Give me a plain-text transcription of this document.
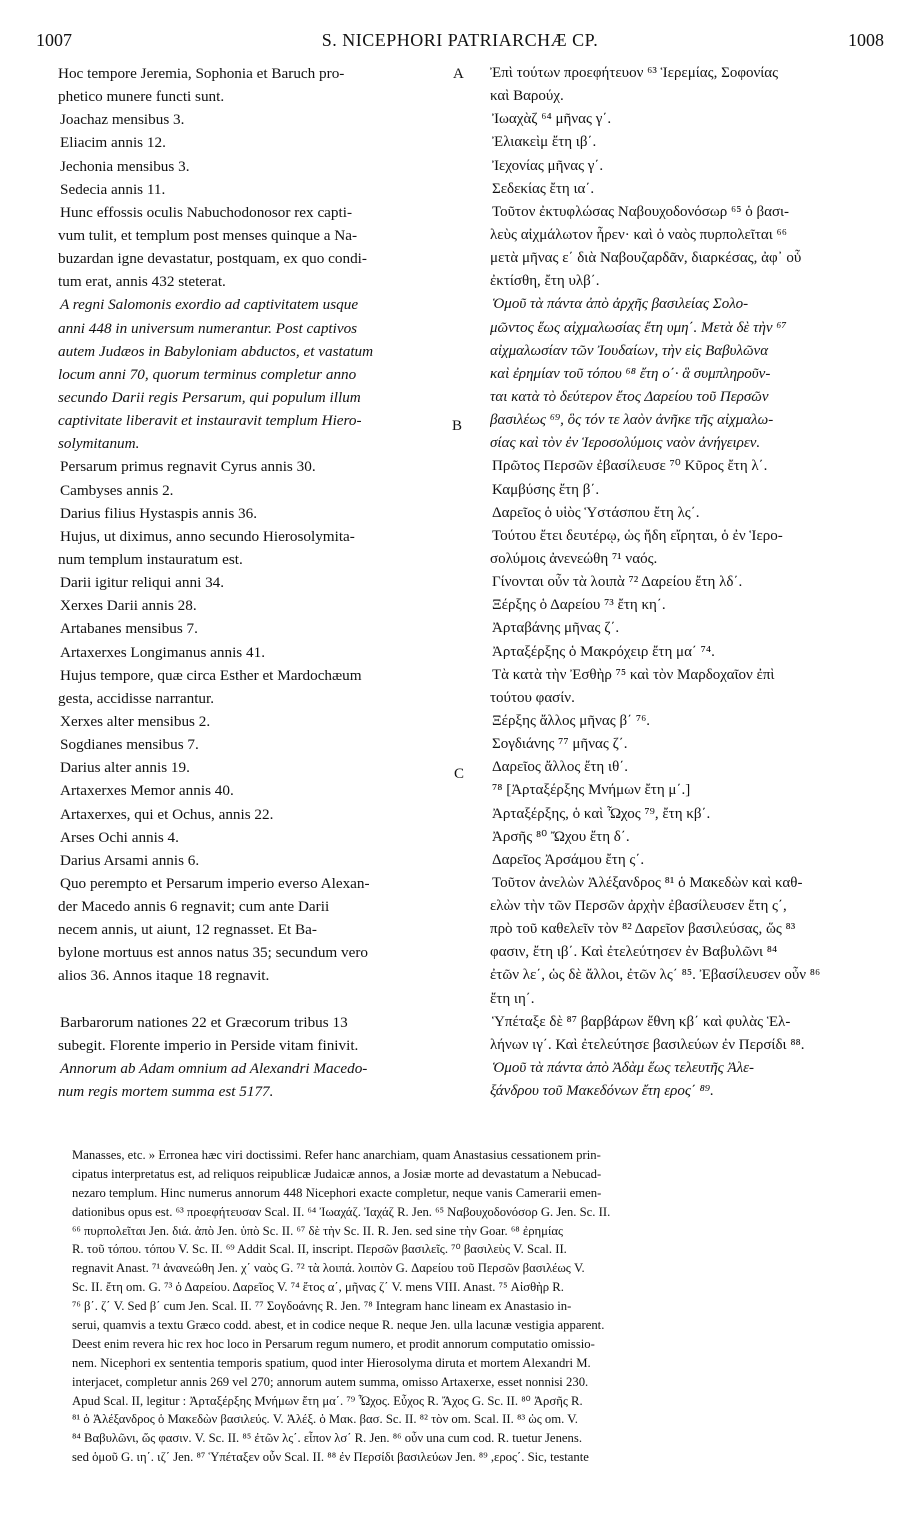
1007	S. NICEPHORI PATRIARCHÆ CP.	1008
Hoc tempore Jeremia, Sophonia et Baruch pro-
phetico munere functi sunt.
Joachaz mensibus 3.
Eliacim annis 12.
Jechonia mensibus 3.
Sedecia annis 11.
Hunc effossis oculis Nabuchodonosor rex capti-
vum tulit, et templum post menses quinque a Na-
buzardan igne devastatur, postquam, ex quo condi-
tum erat, annis 432 steterat.
A regni Salomonis exordio ad captivitatem usque
anni 448 in universum numerantur. Post captivos
autem Judæos in Babyloniam abductos, et vastatum
locum anni 70, quorum terminus completur anno
secundo Darii regis Persarum, qui populum illum
captivitate liberavit et instauravit templum Hiero-
solymitanum.
Persarum primus regnavit Cyrus annis 30.
Cambyses annis 2.
Darius filius Hystaspis annis 36.
Hujus, ut diximus, anno secundo Hierosolymita-
num templum instauratum est.
Darii igitur reliqui anni 34.
Xerxes Darii annis 28.
Artabanes mensibus 7.
Artaxerxes Longimanus annis 41.
Hujus tempore, quæ circa Esther et Mardochæum
gesta, accidisse narrantur.
Xerxes alter mensibus 2.
Sogdianes mensibus 7.
Darius alter annis 19.
Artaxerxes Memor annis 40.
Artaxerxes, qui et Ochus, annis 22.
Arses Ochi annis 4.
Darius Arsami annis 6.
Quo perempto et Persarum imperio everso Alexan-
der Macedo annis 6 regnavit; cum ante Darii
necem annis, ut aiunt, 12 regnasset. Et Ba-
bylone mortuus est annos natus 35; secundum vero
alios 36. Annos itaque 18 regnavit.
Barbarorum nationes 22 et Græcorum tribus 13
subegit. Florente imperio in Perside vitam finivit.
Annorum ab Adam omnium ad Alexandri Macedo-
num regis mortem summa est 5177.
A
B
C
Ἐπὶ τούτων προεφήτευον ⁶³ Ἱερεμίας, Σοφονίας
καὶ Βαρούχ.
Ἰωαχὰζ ⁶⁴ μῆνας γ΄.
Ἐλιακεὶμ ἔτη ιβ΄.
Ἰεχονίας μῆνας γ΄.
Σεδεκίας ἔτη ια΄.
Τοῦτον ἐκτυφλώσας Ναβουχοδονόσωρ ⁶⁵ ὁ βασι-
λεὺς αἰχμάλωτον ἦρεν· καὶ ὁ ναὸς πυρπολεῖται ⁶⁶
μετὰ μῆνας ε΄ διὰ Ναβουζαρδᾶν, διαρκέσας, ἀφ᾽ οὗ
ἐκτίσθη, ἔτη υλβ΄.
Ὁμοῦ τὰ πάντα ἀπὸ ἀρχῆς βασιλείας Σολο-
μῶντος ἕως αἰχμαλωσίας ἔτη υμη΄. Μετὰ δὲ τὴν ⁶⁷
αἰχμαλωσίαν τῶν Ἰουδαίων, τὴν εἰς Βαβυλῶνα
καὶ ἐρημίαν τοῦ τόπου ⁶⁸ ἔτη ο΄· ἃ συμπληροῦν-
ται κατὰ τὸ δεύτερον ἔτος Δαρείου τοῦ Περσῶν
βασιλέως ⁶⁹, ὃς τόν τε λαὸν ἀνῆκε τῆς αἰχμαλω-
σίας καὶ τὸν ἐν Ἱεροσολύμοις ναὸν ἀνήγειρεν.
Πρῶτος Περσῶν ἐβασίλευσε ⁷⁰ Κῦρος ἔτη λ΄.
Καμβύσης ἔτη β΄.
Δαρεῖος ὁ υἱὸς Ὑστάσπου ἔτη λς΄.
Τούτου ἔτει δευτέρῳ, ὡς ἤδη εἴρηται, ὁ ἐν Ἱερο-
σολύμοις ἀνενεώθη ⁷¹ ναός.
Γίνονται οὖν τὰ λοιπὰ ⁷² Δαρείου ἔτη λδ΄.
Ξέρξης ὁ Δαρείου ⁷³ ἔτη κη΄.
Ἀρταβάνης μῆνας ζ΄.
Ἀρταξέρξης ὁ Μακρόχειρ ἔτη μα΄ ⁷⁴.
Τὰ κατὰ τὴν Ἐσθὴρ ⁷⁵ καὶ τὸν Μαρδοχαῖον ἐπὶ
τούτου φασίν.
Ξέρξης ἄλλος μῆνας β΄ ⁷⁶.
Σογδιάνης ⁷⁷ μῆνας ζ΄.
Δαρεῖος ἄλλος ἔτη ιθ΄.
⁷⁸ [Ἀρταξέρξης Μνήμων ἔτη μ΄.]
Ἀρταξέρξης, ὁ καὶ Ὦχος ⁷⁹, ἔτη κβ΄.
Ἀρσῆς ⁸⁰ Ὤχου ἔτη δ΄.
Δαρεῖος Ἀρσάμου ἔτη ς΄.
Τοῦτον ἀνελὼν Ἀλέξανδρος ⁸¹ ὁ Μακεδὼν καὶ καθ-
ελὼν τὴν τῶν Περσῶν ἀρχὴν ἐβασίλευσεν ἔτη ς΄,
πρὸ τοῦ καθελεῖν τὸν ⁸² Δαρεῖον βασιλεύσας, ὥς ⁸³
φασιν, ἔτη ιβ΄. Καὶ ἐτελεύτησεν ἐν Βαβυλῶνι ⁸⁴
ἐτῶν λε΄, ὡς δὲ ἄλλοι, ἐτῶν λς΄ ⁸⁵. Ἐβασίλευσεν οὖν ⁸⁶
ἔτη ιη΄.
Ὑπέταξε δὲ ⁸⁷ βαρβάρων ἔθνη κβ΄ καὶ φυλὰς Ἑλ-
λήνων ιγ΄. Καὶ ἐτελεύτησε βασιλεύων ἐν Περσίδι ⁸⁸.
Ὁμοῦ τὰ πάντα ἀπὸ Ἀδὰμ ἕως τελευτῆς Ἀλε-
ξάνδρου τοῦ Μακεδόνων ἔτη ερος΄ ⁸⁹.
Manasses, etc. » Erronea hæc viri doctissimi. Refer hanc anarchiam, quam Anastasius cessationem prin-
cipatus interpretatus est, ad reliquos reipublicæ Judaicæ annos, a Josiæ morte ad devastatum a Nebucad-
nezaro templum. Hinc numerus annorum 448 Nicephori exacte completur, neque vanis Camerarii emen-
dationibus opus est. ⁶³ προεφήτευσαν Scal. II. ⁶⁴ Ἰωαχάζ. Ἰαχάζ R. Jen. ⁶⁵ Ναβουχοδονόσορ G. Jen. Sc. II.
⁶⁶ πυρπολεῖται Jen. διά. ἀπὸ Jen. ὑπὸ Sc. II. ⁶⁷ δὲ τὴν Sc. II. R. Jen. sed sine τὴν Goar. ⁶⁸ ἐρημίας
R. τοῦ τόπου. τόπου V. Sc. II. ⁶⁹ Addit Scal. II, inscript. Περσῶν βασιλεῖς. ⁷⁰ βασιλεὺς V. Scal. II.
regnavit Anast. ⁷¹ ἀνανεώθη Jen. χ΄ ναὸς G. ⁷² τὰ λοιπά. λοιπὸν G. Δαρείου τοῦ Περσῶν βασιλέως V.
Sc. II. ἔτη om. G. ⁷³ ὁ Δαρείου. Δαρεῖος V. ⁷⁴ ἔτος α΄, μῆνας ζ΄ V. mens VIII. Anast. ⁷⁵ Αἰσθὴρ R.
⁷⁶ β΄. ζ΄ V. Sed β΄ cum Jen. Scal. II. ⁷⁷ Σογδοάνης R. Jen. ⁷⁸ Integram hanc lineam ex Anastasio in-
serui, quamvis a textu Græco codd. abest, et in codice neque R. neque Jen. ulla lacunæ vestigia apparent.
Deest enim revera hic rex hoc loco in Persarum regum numero, et prodit annorum computatio omissio-
nem. Nicephori ex sententia temporis spatium, quod inter Hierosolyma diruta et mortem Alexandri M.
interjacet, completur annis 269 vel 270; annorum autem summa, omisso Artaxerxe, esset nonnisi 230.
Apud Scal. II, legitur : Ἀρταξέρξης Μνήμων ἔτη μα΄. ⁷⁹ Ὦχος. Εὖχος R. Ἄχος G. Sc. II. ⁸⁰ Ἀρσῆς R.
⁸¹ ὁ Ἀλέξανδρος ὁ Μακεδὼν βασιλεύς. V. Ἀλέξ. ὁ Μακ. βασ. Sc. II. ⁸² τὸν om. Scal. II. ⁸³ ὡς om. V.
⁸⁴ Βαβυλῶνι, ὥς φασιν. V. Sc. II. ⁸⁵ ἐτῶν λς΄. εἶπον λσ΄ R. Jen. ⁸⁶ οὖν una cum cod. R. tuetur Jenens.
sed ὁμοῦ G. ιη΄. ιζ΄ Jen. ⁸⁷ Ὑπέταξεν οὖν Scal. II. ⁸⁸ ἐν Περσίδι βασιλεύων Jen. ⁸⁹ ,ερος΄. Sic, testante
